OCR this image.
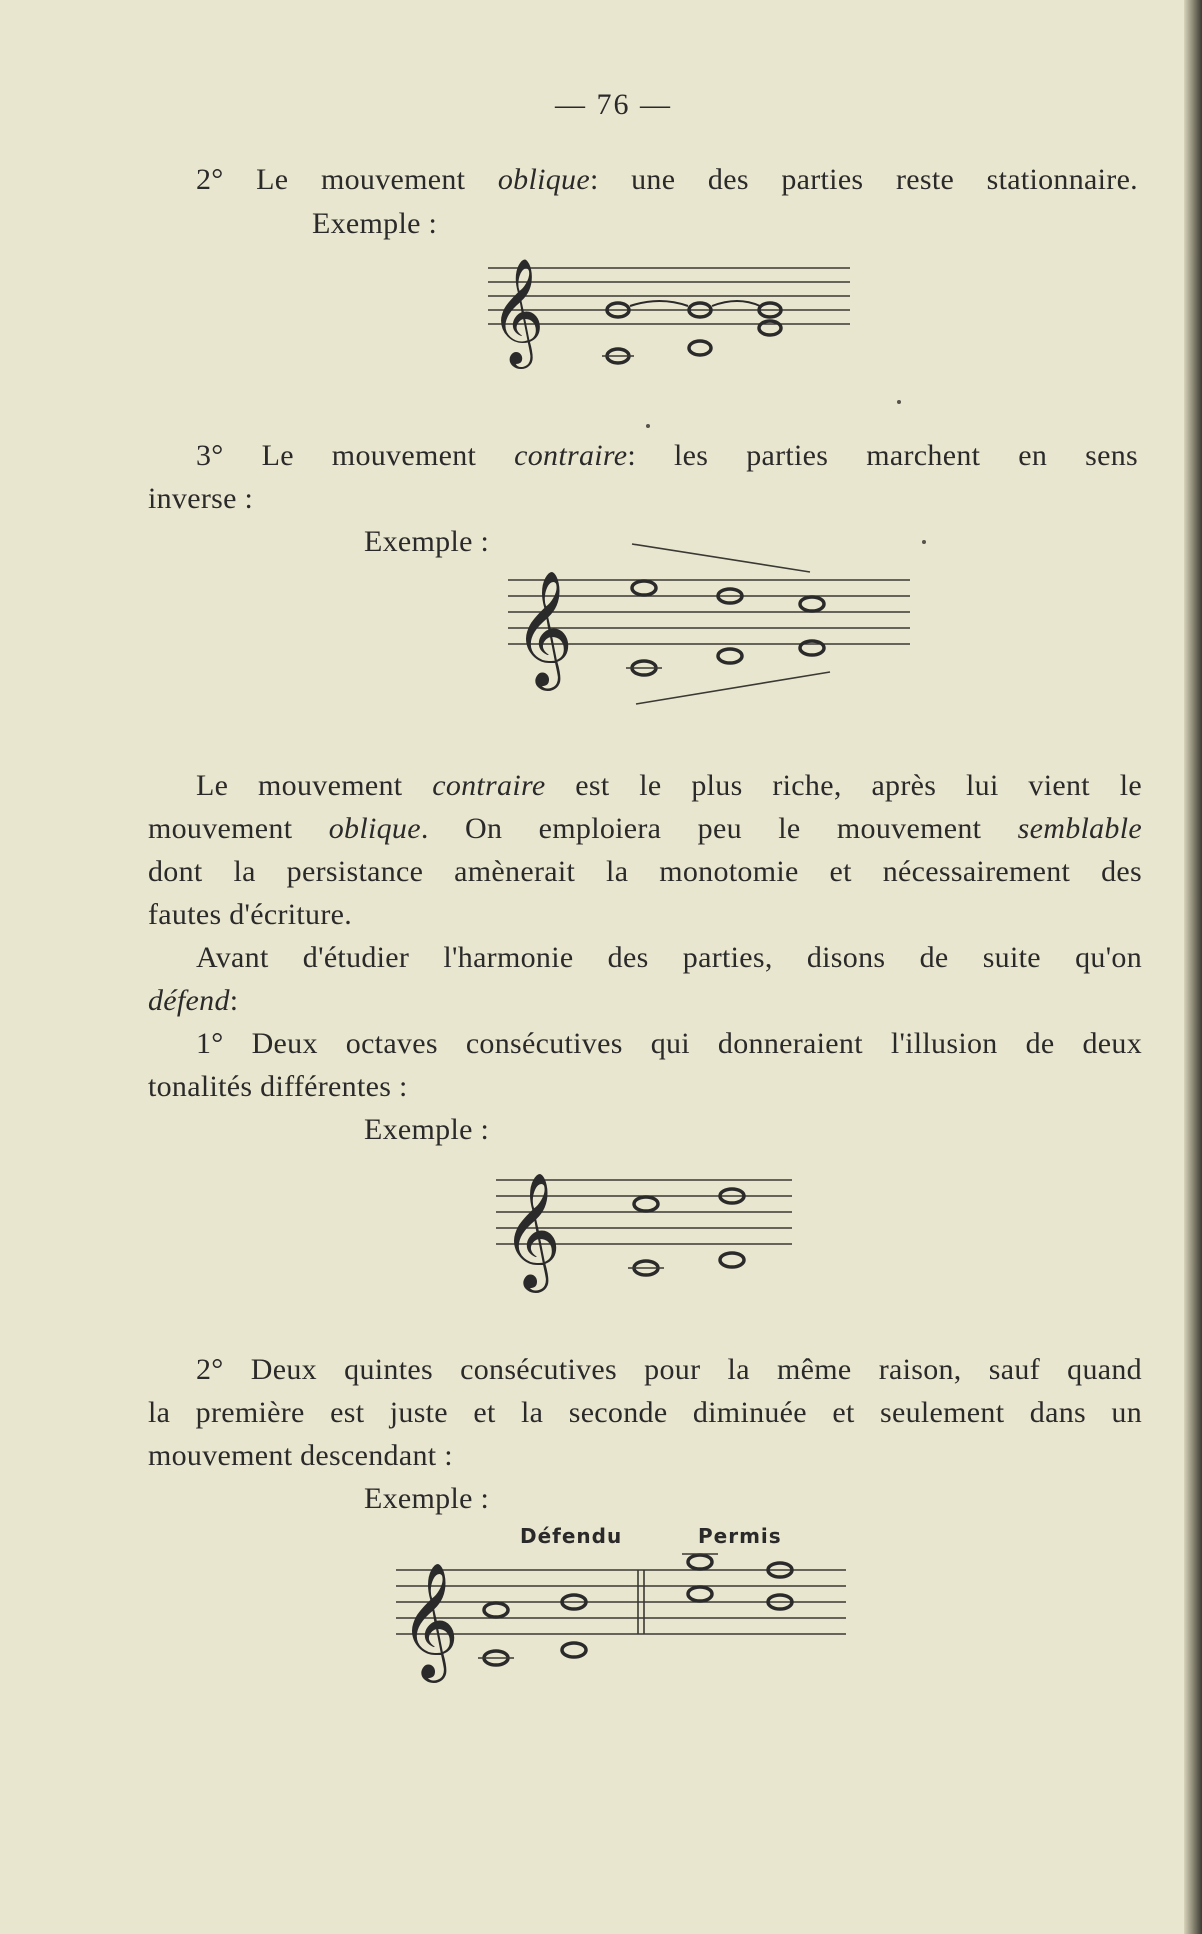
— 76 —
2° Le mouvement oblique: une des parties reste stationnaire.
Exemple :
𝄞
3° Le mouvement contraire: les parties marchent en sens
inverse :
Exemple :
𝄞
Le mouvement contraire est le plus riche, après lui vient le
mouvement oblique. On emploiera peu le mouvement semblable
dont la persistance amènerait la monotomie et nécessairement des
fautes d'écriture.
Avant d'étudier l'harmonie des parties, disons de suite qu'on
défend:
1° Deux octaves consécutives qui donneraient l'illusion de deux
tonalités différentes :
Exemple :
𝄞
2° Deux quintes consécutives pour la même raison, sauf quand
la première est juste et la seconde diminuée et seulement dans un
mouvement descendant :
Exemple :
Défendu	Permis
𝄞
